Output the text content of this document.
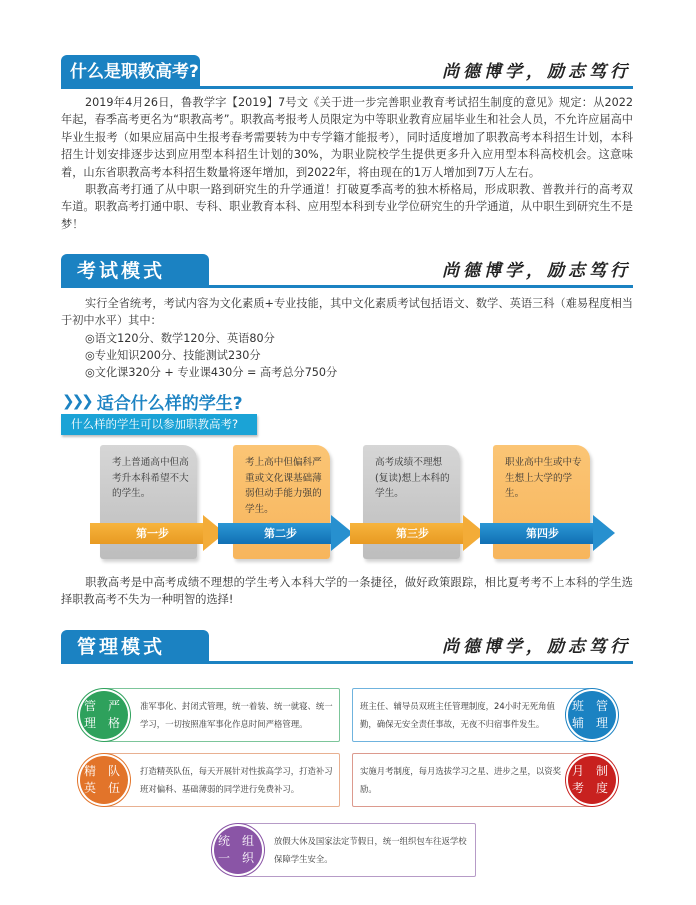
什么是职教高考?	尚德博学，励志笃行
2019年4月26日，鲁教学字【2019】7号文《关于进一步完善职业教育考试招生制度的意见》规定：从2022年起，春季高考更名为“职教高考”。职教高考报考人员限定为中等职业教育应届毕业生和社会人员，不允许应届高中毕业生报考（如果应届高中生报考春考需要转为中专学籍才能报考），同时适度增加了职教高考本科招生计划，本科招生计划安排逐步达到应用型本科招生计划的30%，为职业院校学生提供更多升入应用型本科高校机会。这意味着，山东省职教高考本科招生数量将逐年增加，到2022年，将由现在的1万人增加到7万人左右。
职教高考打通了从中职一路到研究生的升学通道！打破夏季高考的独木桥格局，形成职教、普教并行的高考双车道。职教高考打通中职、专科、职业教育本科、应用型本科到专业学位研究生的升学通道，从中职生到研究生不是梦！
考试模式	尚德博学，励志笃行
实行全省统考，考试内容为文化素质+专业技能，其中文化素质考试包括语文、数学、英语三科（难易程度相当于初中水平）其中：
◎语文120分、数学120分、英语80分
◎专业知识200分、技能测试230分
◎文化课320分 + 专业课430分 = 高考总分750分
❯❯❯ 适合什么样的学生?
什么样的学生可以参加职教高考?
考上普通高中但高考升本科希望不大的学生。
考上高中但偏科严重或文化课基础薄弱但动手能力强的学生。
高考成绩不理想(复读)想上本科的学生。
职业高中生或中专生想上大学的学生。
第一步	第二步	第三步	第四步
职教高考是中高考成绩不理想的学生考入本科大学的一条捷径，做好政策跟踪，相比夏考考不上本科的学生选择职教高考不失为一种明智的选择!
管理模式	尚德博学，励志笃行
管理
严格
准军事化、封闭式管理，统一着装、统一就寝、统一学习，一切按照准军事化作息时间严格管理。
班辅
管理
班主任、辅导员双班主任管理制度，24小时无死角值勤，确保无安全责任事故，无夜不归宿事件发生。
精英
队伍
打造精英队伍，每天开展针对性拔高学习，打造补习班对偏科、基础薄弱的同学进行免费补习。
月考
制度
实施月考制度，每月选拔学习之星、进步之星，以资奖励。
统一
组织
放假大休及国家法定节假日，统一组织包车往返学校保障学生安全。
